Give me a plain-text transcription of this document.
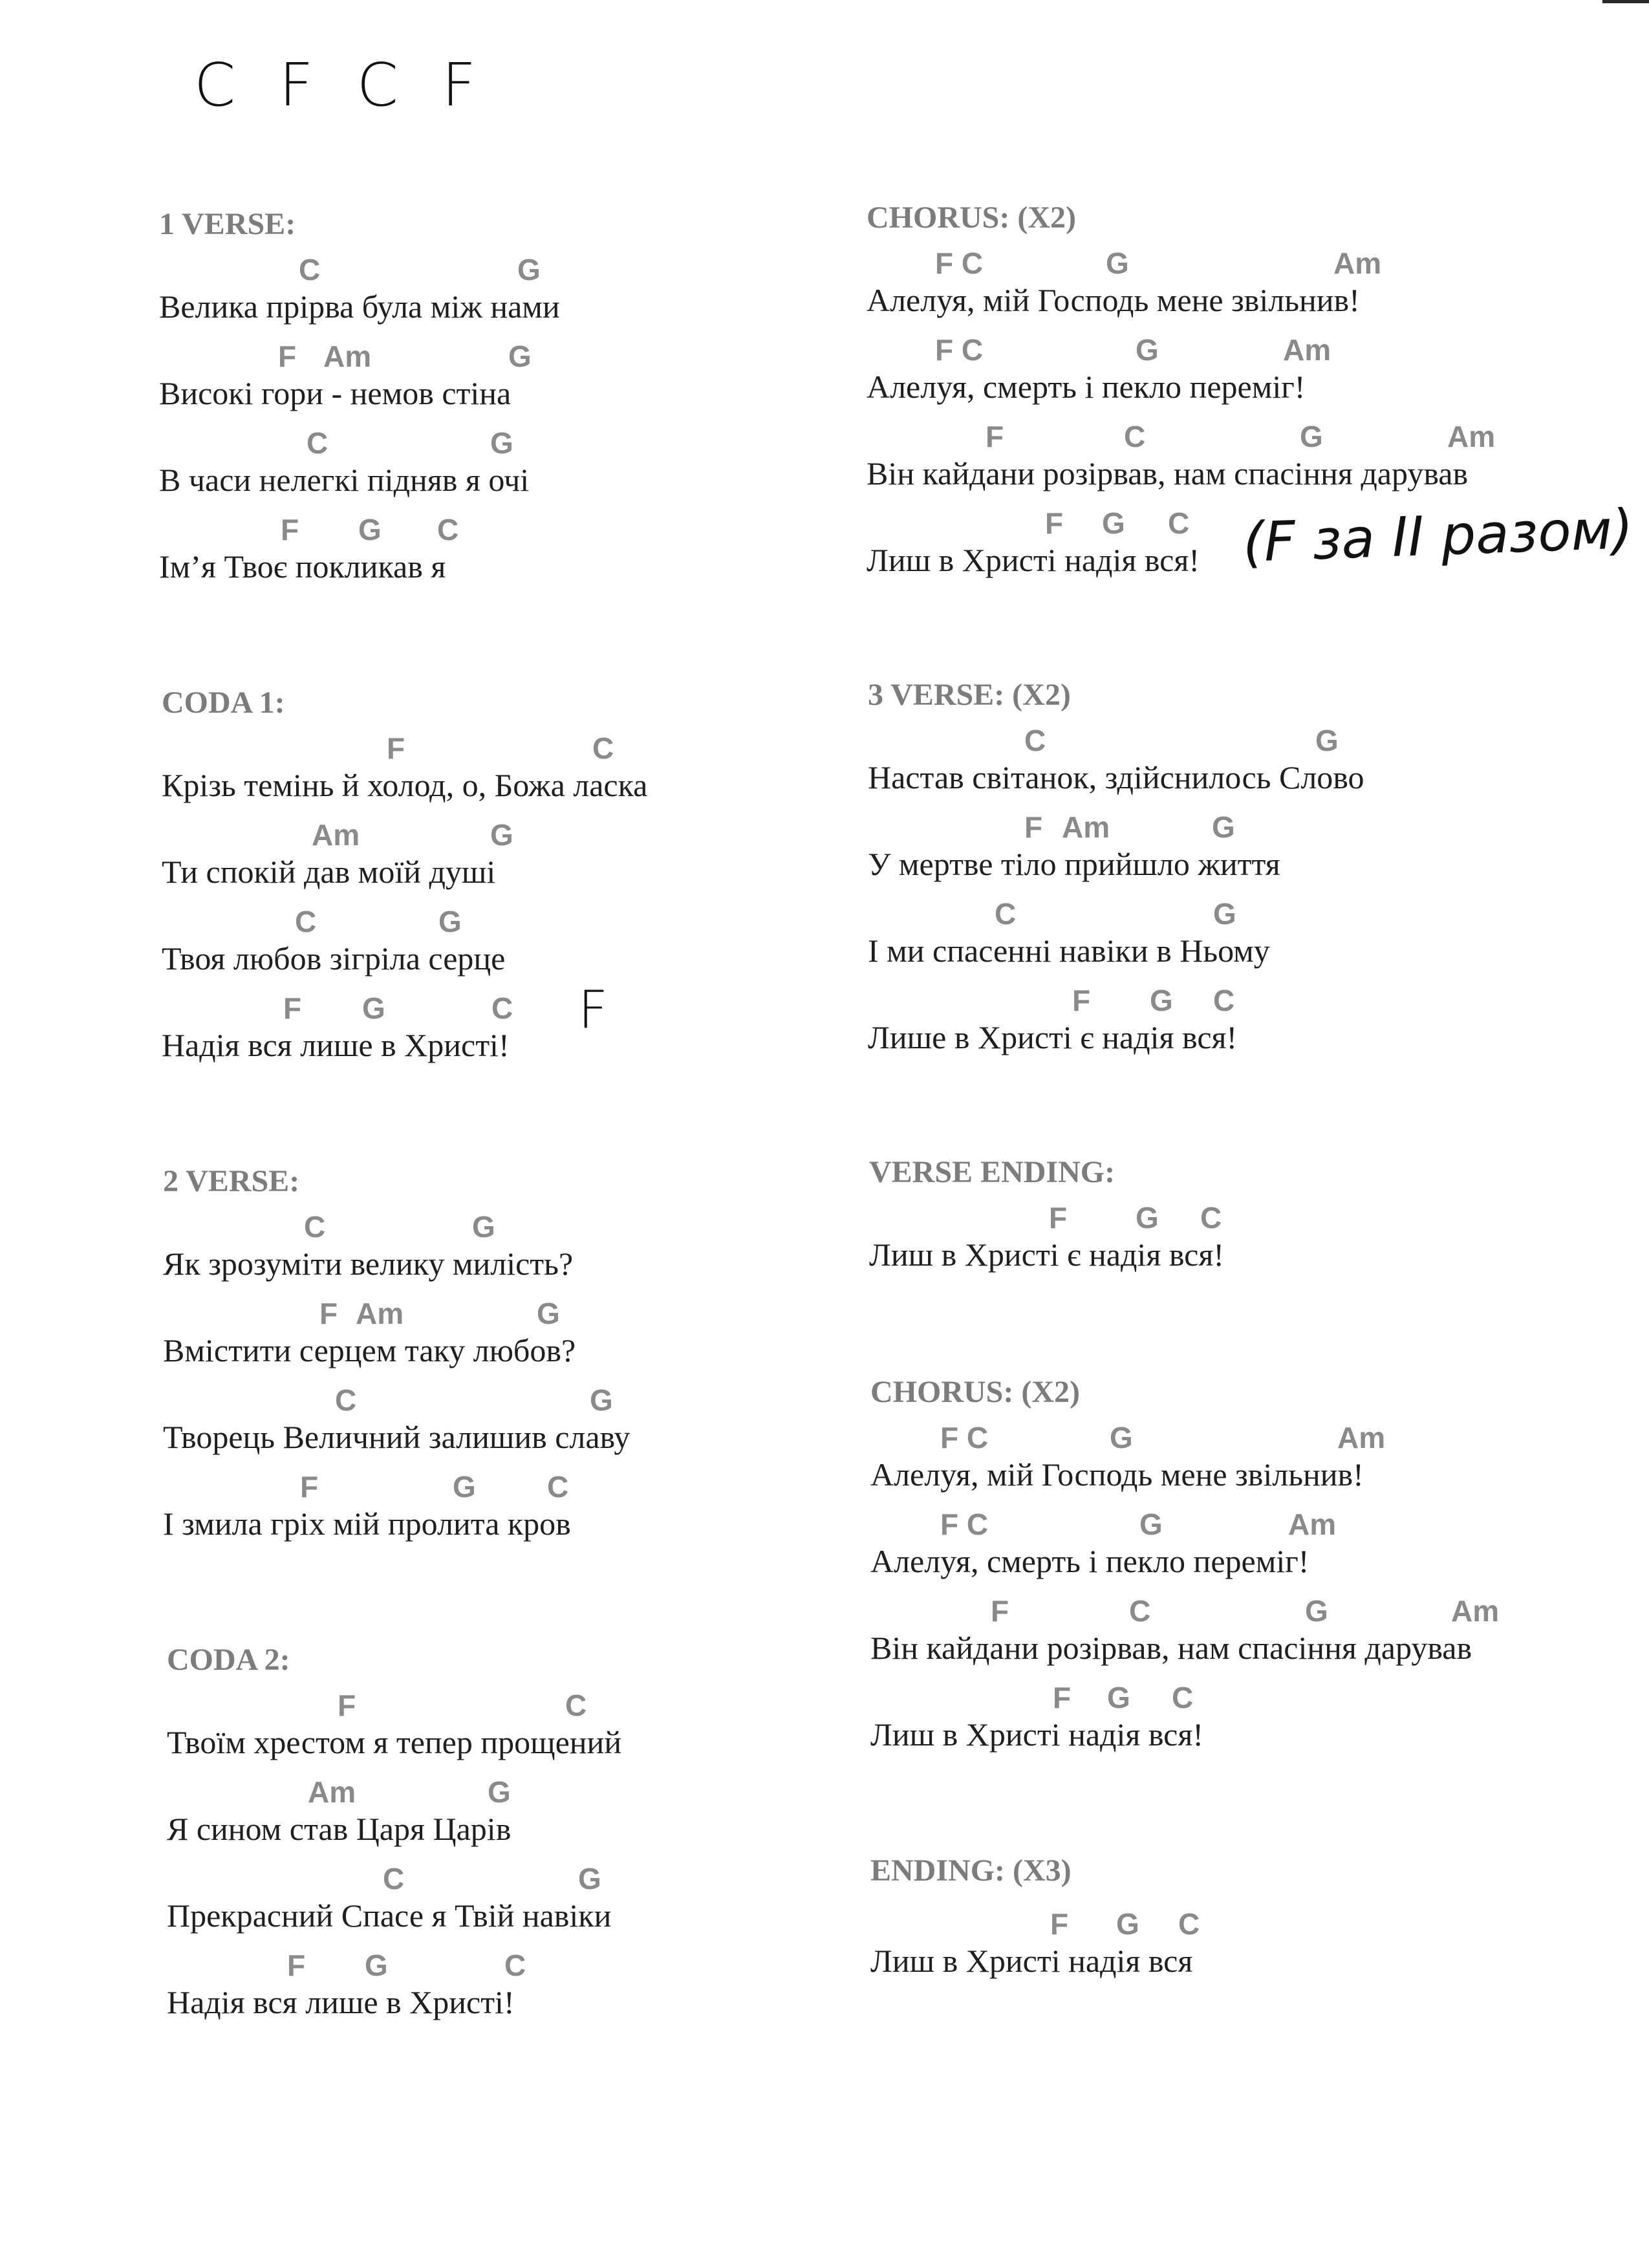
C F C F
1 VERSE:
C	G
Велика прірва була між нами
F Am	G
Високі гори - немов стіна
C	G
В часи нелегкі підняв я очі
F G C
Ім’я Твоє покликав я
CODA 1:
F	C
Крізь темінь й холод, о, Божа ласка
Am	G
Ти спокій дав моїй душі
C	G
Твоя любов зігріла серце
F G	C
Надія вся лише в Христі!
F
2 VERSE:
C	G
Як зрозуміти велику милість?
F Am	G
Вмістити серцем таку любов?
C	G
Творець Величний залишив славу
F	G C
І змила гріх мій пролита кров
CODA 2:
F	C
Твоїм хрестом я тепер прощений
Am	G
Я сином став Царя Царів
C	G
Прекрасний Спасе я Твій навіки
F G	C
Надія вся лише в Христі!
CHORUS: (X2)
F C	G	Am
Алелуя, мій Господь мене звільнив!
F C	G	Am
Алелуя, смерть і пекло переміг!
F	C	G	Am
Він кайдани розірвав, нам спасіння дарував
F G C
Лиш в Христі надія вся! (F за ІІ разом)
3 VERSE: (X2)
C	G
Настав світанок, здійснилось Слово
F Am	G
У мертве тіло прийшло життя
C	G
І ми спасенні навіки в Ньому
F G C
Лише в Христі є надія вся!
VERSE ENDING:
F G C
Лиш в Христі є надія вся!
CHORUS: (X2)
F C	G	Am
Алелуя, мій Господь мене звільнив!
F C	G	Am
Алелуя, смерть і пекло переміг!
F	C	G	Am
Він кайдани розірвав, нам спасіння дарував
F G C
Лиш в Христі надія вся!
ENDING: (X3)
F G C
Лиш в Христі надія вся
